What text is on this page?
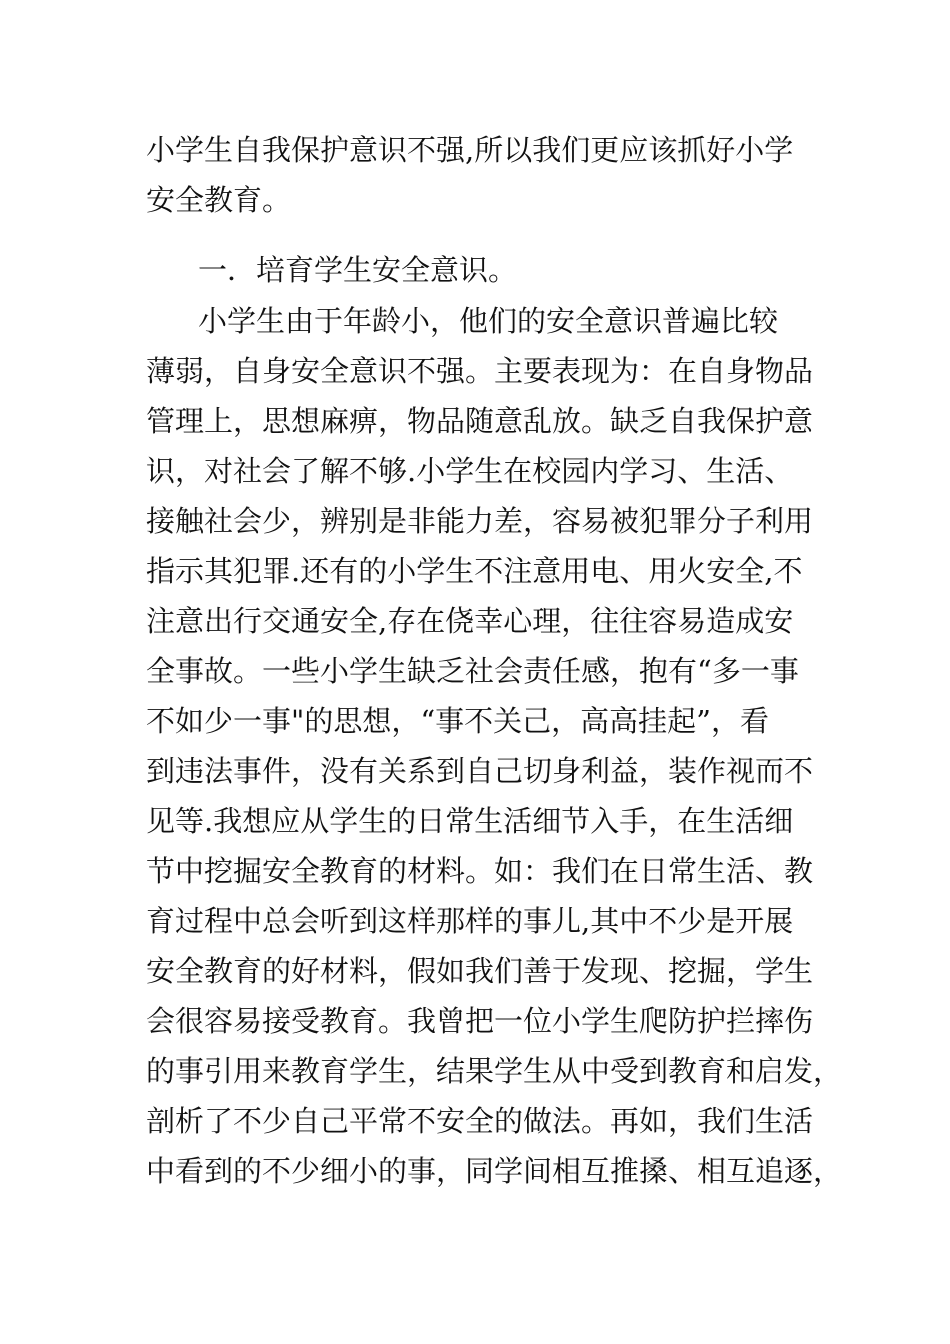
小学生自我保护意识不强,所以我们更应该抓好小学
安全教育。
一．培育学生安全意识。
小学生由于年龄小，他们的安全意识普遍比较
薄弱，自身安全意识不强。主要表现为：在自身物品
管理上，思想麻痹，物品随意乱放。缺乏自我保护意
识，对社会了解不够.小学生在校园内学习、生活、
接触社会少，辨别是非能力差，容易被犯罪分子利用
指示其犯罪.还有的小学生不注意用电、用火安全,不
注意出行交通安全,存在侥幸心理，往往容易造成安
全事故。一些小学生缺乏社会责任感，抱有“多一事
不如少一事"的思想，“事不关己，高高挂起”，看
到违法事件，没有关系到自己切身利益，装作视而不
见等.我想应从学生的日常生活细节入手，在生活细
节中挖掘安全教育的材料。如：我们在日常生活、教
育过程中总会听到这样那样的事儿,其中不少是开展
安全教育的好材料，假如我们善于发现、挖掘，学生
会很容易接受教育。我曾把一位小学生爬防护拦摔伤
的事引用来教育学生，结果学生从中受到教育和启发，
剖析了不少自己平常不安全的做法。再如，我们生活
中看到的不少细小的事，同学间相互推搡、相互追逐，
